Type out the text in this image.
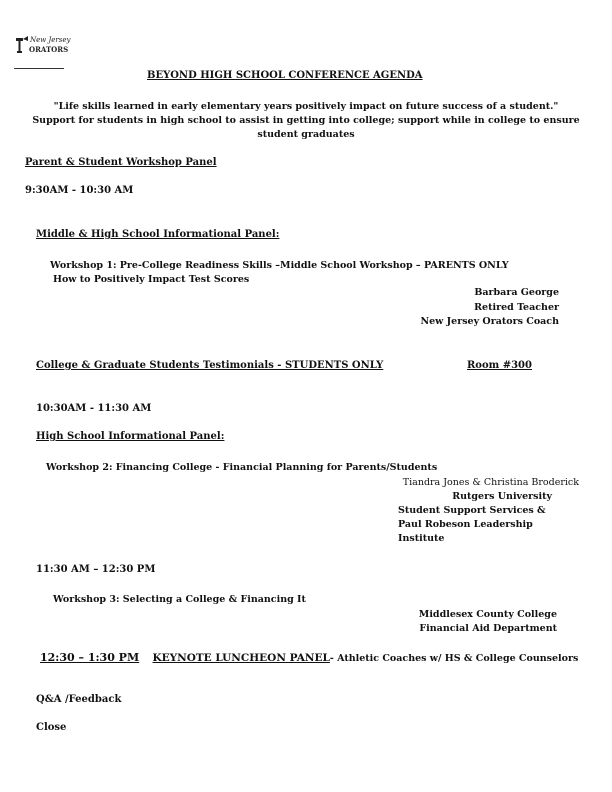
New Jersey
ORATORS
BEYOND HIGH SCHOOL CONFERENCE AGENDA
"Life skills learned in early elementary years positively impact on future success of a student."
Support for students in high school to assist in getting into college; support while in college to ensure
student graduates
Parent & Student Workshop Panel
9:30AM - 10:30 AM
Middle & High School Informational Panel:
Workshop 1: Pre-College Readiness Skills –Middle School Workshop – PARENTS ONLY
How to Positively Impact Test Scores
Barbara George
Retired Teacher
New Jersey Orators Coach
College & Graduate Students Testimonials - STUDENTS ONLY	Room #300
10:30AM - 11:30 AM
High School Informational Panel:
Workshop 2: Financing College - Financial Planning for Parents/Students
Tiandra Jones & Christina Broderick
Rutgers University
Student Support Services &
Paul Robeson Leadership
Institute
11:30 AM – 12:30 PM
Workshop 3: Selecting a College & Financing It
Middlesex County College
Financial Aid Department
12:30 – 1:30 PM KEYNOTE LUNCHEON PANEL- Athletic Coaches w/ HS & College Counselors
Q&A /Feedback
Close
